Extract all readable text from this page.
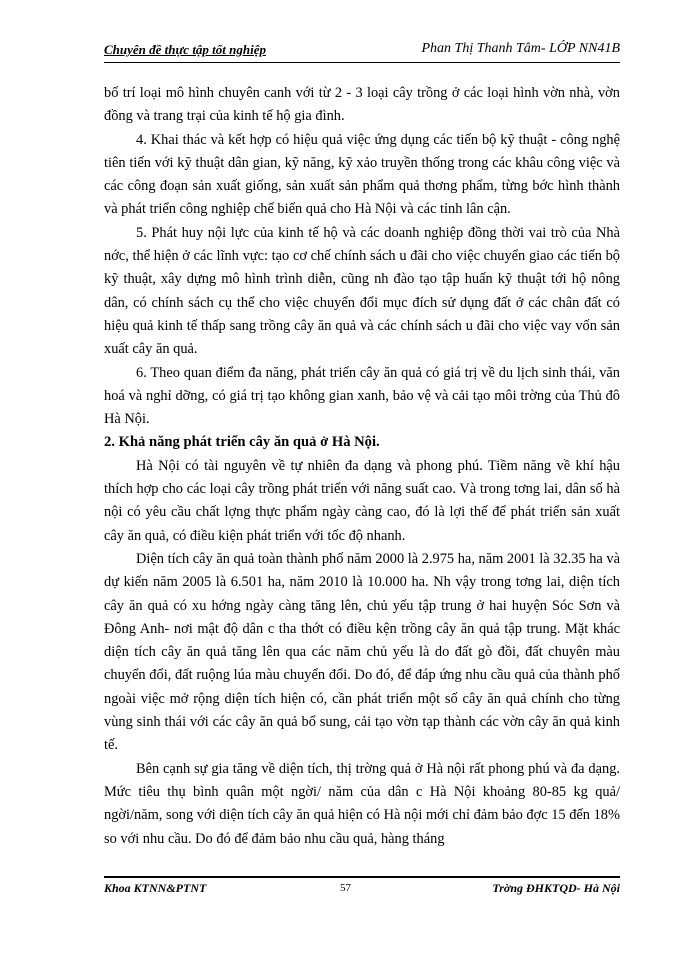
Chuyên đề thực tập tốt nghiệp	Phan Thị Thanh Tâm- LỚP NN41B

bố trí loại mô hình chuyên canh với từ 2 - 3 loại cây trồng ở các loại hình vờn nhà, vờn đồng và trang trại của kinh tế hộ gia đình.

4. Khai thác và kết hợp có hiệu quả việc ứng dụng các tiến bộ kỹ thuật - công nghệ tiên tiến với kỹ thuật dân gian, kỹ năng, kỹ xảo truyền thống trong các khâu công việc và các công đoạn sản xuất giống, sản xuất sản phẩm quả thơng phẩm, từng bớc hình thành và phát triển công nghiệp chế biến quả cho Hà Nội và các tỉnh lân cận.

5. Phát huy nội lực của kinh tế hộ và các doanh nghiệp đồng thời vai trò của Nhà nớc, thể hiện ở các lĩnh vực: tạo cơ chế chính sách u đãi cho việc chuyển giao các tiến bộ kỹ thuật, xây dựng mô hình trình diễn, cũng nh đào tạo tập huấn kỹ thuật tới hộ nông dân, có chính sách cụ thể cho việc chuyển đổi mục đích sử dụng đất ở các chân đất có hiệu quả kinh tế thấp sang trồng cây ăn quả và các chính sách u đãi cho việc vay vốn sản xuất cây ăn quả.

6. Theo quan điểm đa năng, phát triển cây ăn quả có giá trị về du lịch sinh thái, văn hoá và nghỉ dỡng, có giá trị tạo không gian xanh, bảo vệ và cải tạo môi trờng của Thủ đô Hà Nội.

2. Khả năng phát triển cây ăn quả ở Hà Nội.

Hà Nội có tài nguyên về tự nhiên đa dạng và phong phú. Tiềm năng về khí hậu thích hợp cho các loại cây trồng phát triển với năng suất cao. Và trong tơng lai, dân số hà nội có yêu cầu chất lợng thực phẩm ngày càng cao, đó là lợi thế để phát triển sản xuất cây ăn quả, có điều kiện phát triển với tốc độ nhanh.

Diện tích cây ăn quả toàn thành phố năm 2000 là 2.975 ha, năm 2001 là 32.35 ha và dự kiến năm 2005 là 6.501 ha, năm 2010 là 10.000 ha. Nh vậy trong tơng lai, diện tích cây ăn quả có xu hớng ngày càng tăng lên, chủ yếu tập trung ở hai huyện Sóc Sơn và Đông Anh- nơi mật độ dân c tha thớt có điều kện trồng cây ăn quả tập trung. Mặt khác diện tích cây ăn quả tăng lên qua các năm chủ yếu là do đất gò đồi, đất chuyên màu chuyển đổi, đất ruộng lúa màu chuyển đổi. Do đó, để đáp ứng nhu cầu quả của thành phố ngoài việc mở rộng diện tích hiện có, cần phát triển một số cây ăn quả chính cho từng vùng sinh thái với các cây ăn quả bổ sung, cải tạo vờn tạp thành các vờn cây ăn quả kinh tế.

Bên cạnh sự gia tăng về diện tích, thị trờng quả ở Hà nội rất phong phú và đa dạng. Mức tiêu thụ bình quân một ngời/ năm của dân c Hà Nội khoảng 80-85 kg quả/ ngời/năm, song với diện tích cây ăn quả hiện có Hà nội mới chỉ đảm bảo đợc 15 đến 18% so với nhu cầu. Do đó để đảm bảo nhu cầu quả, hàng tháng

Khoa KTNN&PTNT	57	Trờng ĐHKTQD- Hà Nội
